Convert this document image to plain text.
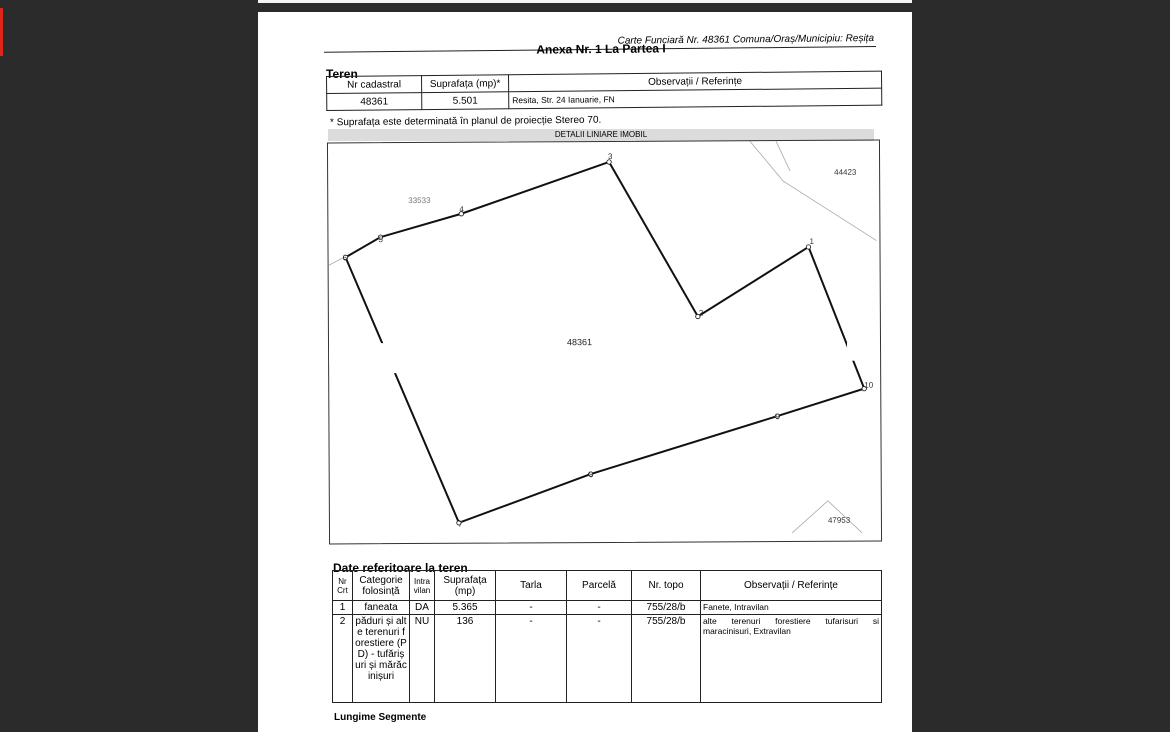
Carte Funciară Nr. 48361 Comuna/Oraș/Municipiu: Reșița
Anexa Nr. 1 La Partea I
Teren
Nr cadastral	Suprafața (mp)*	Observații / Referințe
48361	5.501	Resita, Str. 24 Ianuarie, FN
* Suprafața este determinată în planul de proiecție Stereo 70.
DETALII LINIARE IMOBIL
1
2
3
4
5
6
7
8
9
10
48361
33533
44423
47953
Date referitoare la teren
Nr Crt	Categorie folosință	Intra vilan	Suprafața (mp)	Tarla	Parcelă	Nr. topo	Observații / Referințe
1	faneata	DA	5.365	-	-	755/28/b	Fanete, Intravilan
2	păduri și alte terenuri forestiere (PD) - tufărișuri și mărăcinișuri	NU	136	-	-	755/28/b	alte terenuri forestiere tufarisuri si maracinisuri, Extravilan
Lungime Segmente
